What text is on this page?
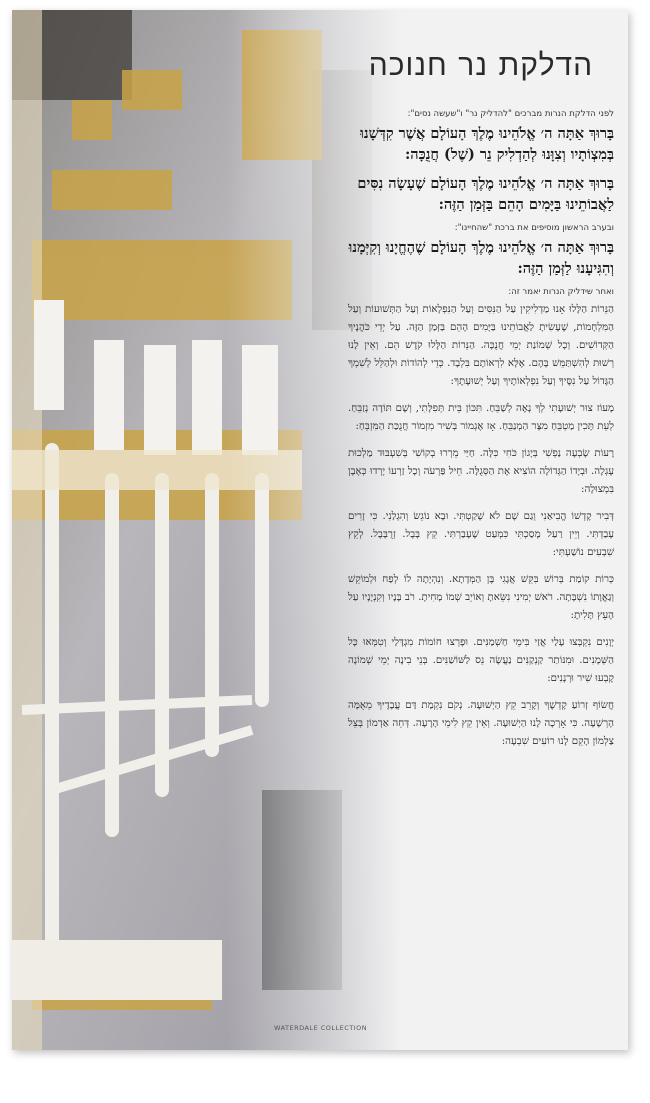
הדלקת נר חנוכה

לפני הדלקת הנרות מברכים "להדליק נר" ו"שעשה נסים":

בָּרוּךְ אַתָּה ה׳ אֱלֹהֵינוּ מֶלֶךְ הָעוֹלָם אֲשֶׁר קִדְּשָׁנוּ בְּמִצְוֹתָיו וְצִוָּנוּ לְהַדְלִיק נֵר (שֶׁל) חֲנֻכָּה:

בָּרוּךְ אַתָּה ה׳ אֱלֹהֵינוּ מֶלֶךְ הָעוֹלָם שֶׁעָשָׂה נִסִּים לַאֲבוֹתֵינוּ בַּיָּמִים הָהֵם בַּזְּמַן הַזֶּה:

ובערב הראשון מוסיפים את ברכת "שהחיינו":

בָּרוּךְ אַתָּה ה׳ אֱלֹהֵינוּ מֶלֶךְ הָעוֹלָם שֶׁהֶחֱיָנוּ וְקִיְּמָנוּ וְהִגִּיעָנוּ לַזְּמַן הַזֶּה:

ואחר שידליק הנרות יאמר זה:

הַנֵּרוֹת הַלָּלוּ אָנוּ מַדְלִיקִין עַל הַנִּסִּים וְעַל הַנִּפְלָאוֹת וְעַל הַתְּשׁוּעוֹת וְעַל הַמִּלְחָמוֹת, שֶׁעָשִׂיתָ לַאֲבוֹתֵינוּ בַּיָּמִים הָהֵם בַּזְּמַן הַזֶּה. עַל יְדֵי כֹּהֲנֶיךָ הַקְּדוֹשִׁים. וְכָל שְׁמוֹנַת יְמֵי חֲנֻכָּה. הַנֵּרוֹת הַלָּלוּ קֹדֶשׁ הֵם. וְאֵין לָנוּ רְשׁוּת לְהִשְׁתַּמֵּשׁ בָּהֶם. אֶלָּא לִרְאוֹתָם בִּלְבָד. כְּדֵי לְהוֹדוֹת וּלְהַלֵּל לְשִׁמְךָ הַגָּדוֹל עַל נִסֶּיךָ וְעַל נִפְלְאוֹתֶיךָ וְעַל יְשׁוּעָתֶךָ:

מָעוֹז צוּר יְשׁוּעָתִי לְךָ נָאֶה לְשַׁבֵּחַ. תִּכּוֹן בֵּית תְּפִלָּתִי, וְשָׁם תּוֹדָה נְזַבֵּחַ. לְעֵת תָּכִין מַטְבֵּחַ מִצָּר הַמְנַבֵּחַ. אָז אֶגְמוֹר בְּשִׁיר מִזְמוֹר חֲנֻכַּת הַמִּזְבֵּחַ:

רָעוֹת שָׂבְעָה נַפְשִׁי בְּיָגוֹן כֹּחִי כִּלָּה. חַיַּי מֵרְרוּ בְקוֹשִׁי בְּשִׁעְבּוּד מַלְכוּת עֶגְלָה. וּבְיָדוֹ הַגְּדוֹלָה הוֹצִיא אֶת הַסְּגֻלָּה. חֵיל פַּרְעֹה וְכָל זַרְעוֹ יָרְדוּ כְּאֶבֶן בִּמְצוּלָה:

דְּבִיר קָדְשׁוֹ הֱבִיאַנִי וְגַם שָׁם לֹא שָׁקַטְתִּי. וּבָא נוֹגֵשׂ וְהִגְלַנִי. כִּי זָרִים עָבַדְתִּי. וְיֵין רַעַל מָסַכְתִּי כִּמְעַט שֶׁעָבַרְתִּי. קֵץ בָּבֶל. זְרֻבָּבֶל. לְקֵץ שִׁבְעִים נוֹשַׁעְתִּי:

כְּרוֹת קוֹמַת בְּרוֹשׁ בִּקֵּשׁ אֲגָגִי בֶּן הַמְּדָתָא. וְנִהְיָתָה לוֹ לְפַח וּלְמוֹקֵשׁ וְגַאֲוָתוֹ נִשְׁבָּתָה. רֹאשׁ יְמִינִי נִשֵּׂאתָ וְאוֹיֵב שְׁמוֹ מָחִיתָ. רֹב בָּנָיו וְקִנְיָנָיו עַל הָעֵץ תָּלִיתָ:

יְוָנִים נִקְבְּצוּ עָלַי אֲזַי בִּימֵי חַשְׁמַנִּים. וּפָרְצוּ חוֹמוֹת מִגְדָּלַי וְטִמְּאוּ כָּל הַשְּׁמָנִים. וּמִנּוֹתַר קַנְקַנִּים נַעֲשָׂה נֵס לַשּׁוֹשַׁנִּים. בְּנֵי בִינָה יְמֵי שְׁמוֹנָה קָבְעוּ שִׁיר וּרְנָנִים:

חֲשׂוֹף זְרוֹעַ קָדְשֶׁךָ וְקָרֵב קֵץ הַיְשׁוּעָה. נְקֹם נִקְמַת דַּם עֲבָדֶיךָ מֵאֻמָּה הָרְשָׁעָה. כִּי אָרְכָה לָנוּ הַיְשׁוּעָה. וְאֵין קֵץ לִימֵי הָרָעָה. דְּחֵה אַדְמוֹן בְּצֵל צַלְמוֹן הָקֵם לָנוּ רוֹעִים שִׁבְעָה:

WATERDALE COLLECTION
